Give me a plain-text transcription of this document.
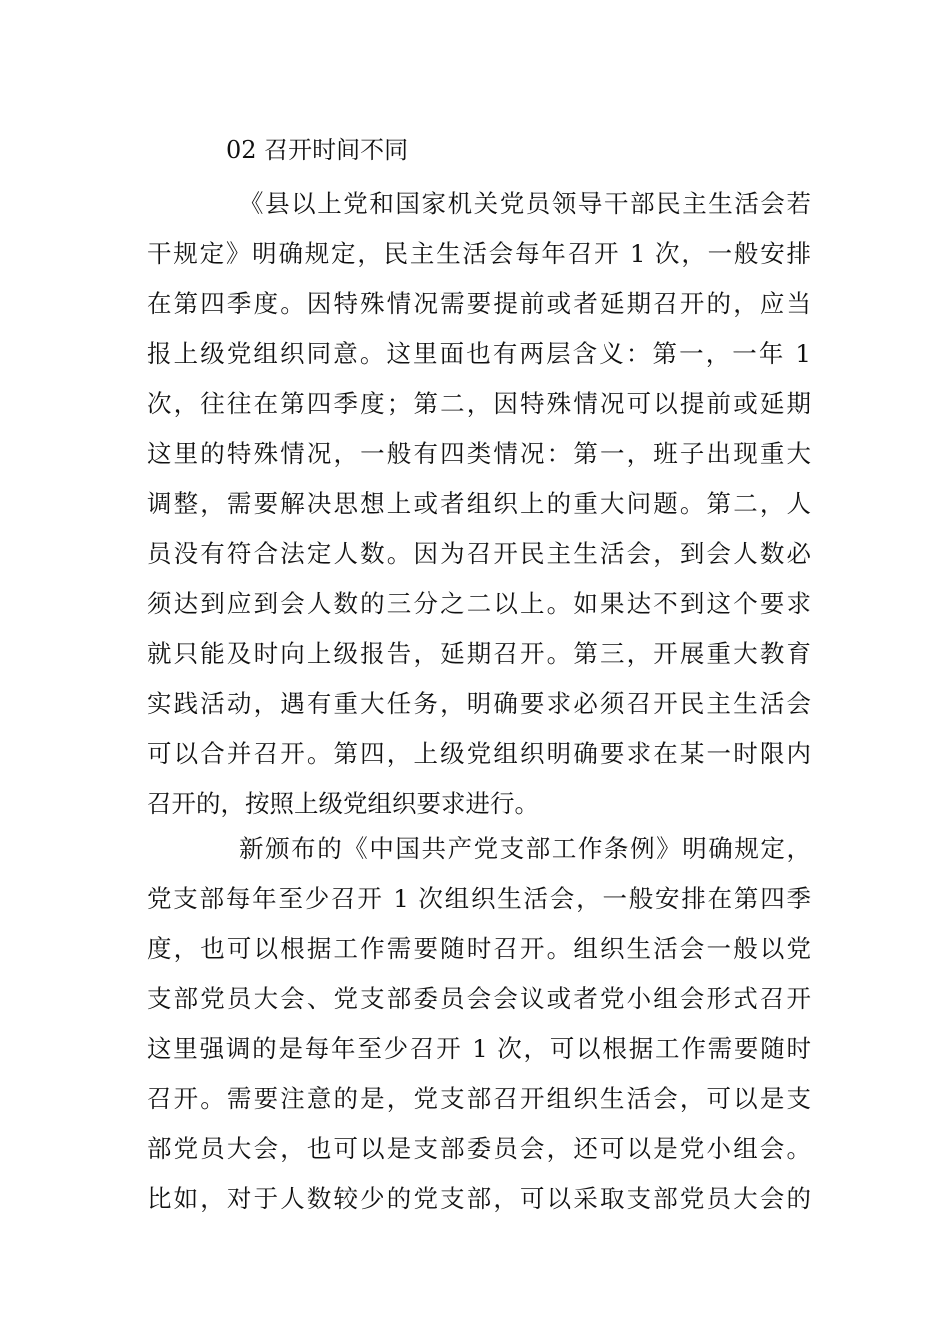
02 召开时间不同
《县以上党和国家机关党员领导干部民主生活会若
干规定》明确规定，民主生活会每年召开 1 次，一般安排
在第四季度。因特殊情况需要提前或者延期召开的，应当
报上级党组织同意。这里面也有两层含义：第一，一年 1
次，往往在第四季度；第二，因特殊情况可以提前或延期
这里的特殊情况，一般有四类情况：第一，班子出现重大
调整，需要解决思想上或者组织上的重大问题。第二，人
员没有符合法定人数。因为召开民主生活会，到会人数必
须达到应到会人数的三分之二以上。如果达不到这个要求
就只能及时向上级报告，延期召开。第三，开展重大教育
实践活动，遇有重大任务，明确要求必须召开民主生活会
可以合并召开。第四，上级党组织明确要求在某一时限内
召开的，按照上级党组织要求进行。
新颁布的《中国共产党支部工作条例》明确规定，
党支部每年至少召开 1 次组织生活会，一般安排在第四季
度，也可以根据工作需要随时召开。组织生活会一般以党
支部党员大会、党支部委员会会议或者党小组会形式召开
这里强调的是每年至少召开 1 次，可以根据工作需要随时
召开。需要注意的是，党支部召开组织生活会，可以是支
部党员大会，也可以是支部委员会，还可以是党小组会。
比如，对于人数较少的党支部，可以采取支部党员大会的
